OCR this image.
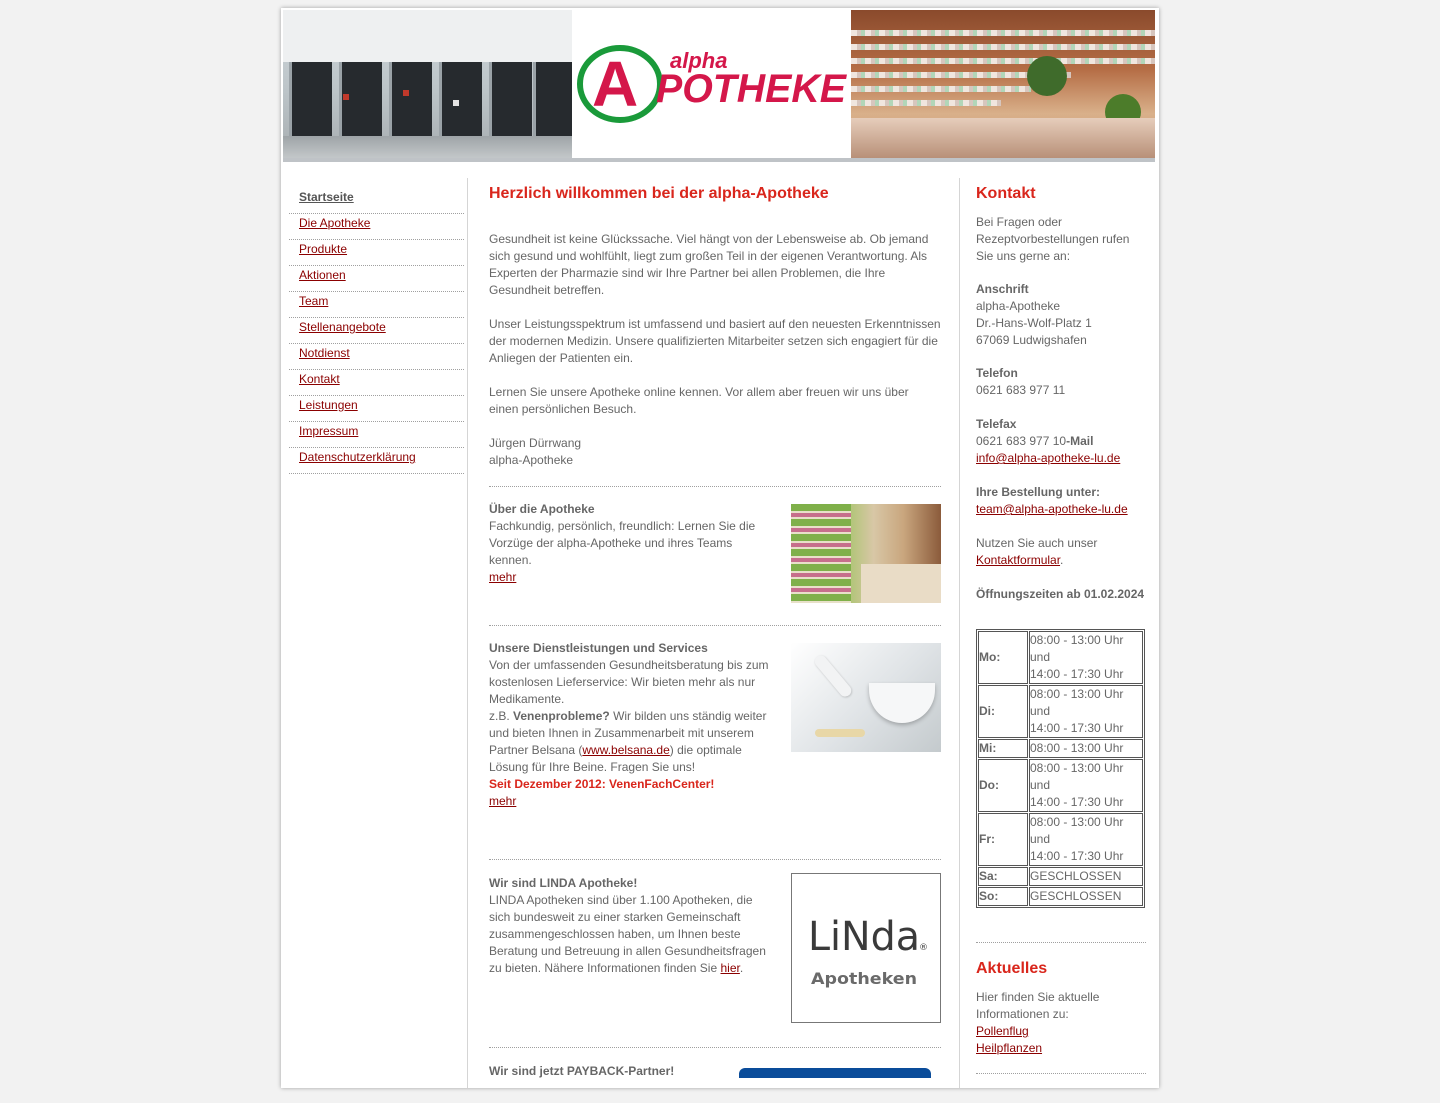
A alpha
POTHEKE
Startseite
Die Apotheke
Produkte
Aktionen
Team
Stellenangebote
Notdienst
Kontakt
Leistungen
Impressum
Datenschutzerklärung
Herzlich willkommen bei der alpha-Apotheke

Gesundheit ist keine Glückssache. Viel hängt von der Lebensweise ab. Ob jemand sich gesund und wohlfühlt, liegt zum großen Teil in der eigenen Verantwortung. Als Experten der Pharmazie sind wir Ihre Partner bei allen Problemen, die Ihre Gesundheit betreffen.

Unser Leistungsspektrum ist umfassend und basiert auf den neuesten Erkenntnissen der modernen Medizin. Unsere qualifizierten Mitarbeiter setzen sich engagiert für die Anliegen der Patienten ein.

Lernen Sie unsere Apotheke online kennen. Vor allem aber freuen wir uns über einen persönlichen Besuch.

Jürgen Dürrwang
alpha-Apotheke
Über die Apotheke
Fachkundig, persönlich, freundlich: Lernen Sie die Vorzüge der alpha-Apotheke und ihres Teams kennen.
mehr
Unsere Dienstleistungen und Services
Von der umfassenden Gesundheitsberatung bis zum kostenlosen Lieferservice: Wir bieten mehr als nur Medikamente.
z.B. Venenprobleme? Wir bilden uns ständig weiter und bieten Ihnen in Zusammenarbeit mit unserem Partner Belsana (www.belsana.de) die optimale Lösung für Ihre Beine. Fragen Sie uns!
Seit Dezember 2012: VenenFachCenter!
mehr
Wir sind LINDA Apotheke!
LINDA Apotheken sind über 1.100 Apotheken, die sich bundesweit zu einer starken Gemeinschaft zusammengeschlossen haben, um Ihnen beste Beratung und Betreuung in allen Gesundheitsfragen zu bieten. Nähere Informationen finden Sie hier.
LiNda ®
Apotheken
Wir sind jetzt PAYBACK-Partner!
Kontakt
Bei Fragen oder Rezeptvorbestellungen rufen Sie uns gerne an:
Anschrift
alpha-Apotheke
Dr.-Hans-Wolf-Platz 1
67069 Ludwigshafen
Telefon
0621 683 977 11
Telefax
0621 683 977 10-Mail
info@alpha-apotheke-lu.de
Ihre Bestellung unter:
team@alpha-apotheke-lu.de
Nutzen Sie auch unser
Kontaktformular.
Öffnungszeiten ab 01.02.2024
Mo:	08:00 - 13:00 Uhr
und
14:00 - 17:30 Uhr

Di:	08:00 - 13:00 Uhr
und
14:00 - 17:30 Uhr

Mi:	08:00 - 13:00 Uhr

Do:	08:00 - 13:00 Uhr
und
14:00 - 17:30 Uhr

Fr:	08:00 - 13:00 Uhr
und
14:00 - 17:30 Uhr

Sa:	GESCHLOSSEN

So:	GESCHLOSSEN
Aktuelles
Hier finden Sie aktuelle Informationen zu:
Pollenflug
Heilpflanzen
